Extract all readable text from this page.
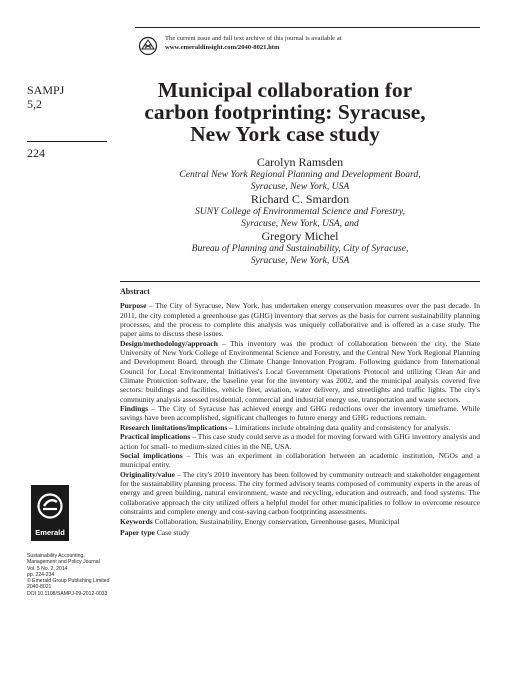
The current issue and full text archive of this journal is available at
www.emeraldinsight.com/2040-8021.htm
SAMPJ
5,2
224
Municipal collaboration for carbon footprinting: Syracuse, New York case study
Carolyn Ramsden
Central New York Regional Planning and Development Board,
Syracuse, New York, USA
Richard C. Smardon
SUNY College of Environmental Science and Forestry,
Syracuse, New York, USA, and
Gregory Michel
Bureau of Planning and Sustainability, City of Syracuse,
Syracuse, New York, USA
Abstract

Purpose – The City of Syracuse, New York, has undertaken energy conservation measures over the past decade. In 2011, the city completed a greenhouse gas (GHG) inventory that serves as the basis for current sustainability planning processes, and the process to complete this analysis was uniquely collaborative and is offered as a case study. The paper aims to discuss these issues.

Design/methodology/approach – This inventory was the product of collaboration between the city, the State University of New York College of Environmental Science and Forestry, and the Central New York Regional Planning and Development Board, through the Climate Change Innovation Program. Following guidance from International Council for Local Environmental Initiatives's Local Government Operations Protocol and utilizing Clean Air and Climate Protection software, the baseline year for the inventory was 2002, and the municipal analysis covered five sectors: buildings and facilities, vehicle fleet, aviation, water delivery, and streetlights and traffic lights. The city's community analysis assessed residential, commercial and industrial energy use, transportation and waste sectors.

Findings – The City of Syracuse has achieved energy and GHG reductions over the inventory timeframe. While savings have been accomplished, significant challenges to future energy and GHG reductions remain.

Research limitations/implications – Limitations include obtaining data quality and consistency for analysis.

Practical implications – This case study could serve as a model for moving forward with GHG inventory analysis and action for small- to medium-sized cities in the NE, USA.

Social implications – This was an experiment in collaboration between an academic institution, NGOs and a municipal entity.

Originality/value – The city's 2010 inventory has been followed by community outreach and stakeholder engagement for the sustainability planning process. The city formed advisory teams composed of community experts in the areas of energy and green building, natural environment, waste and recycling, education and outreach, and food systems. The collaborative approach the city utilized offers a helpful model for other municipalities to follow to overcome resource constraints and complete energy and cost-saving carbon footprinting assessments.

Keywords Collaboration, Sustainability, Energy conservation, Greenhouse gases, Municipal

Paper type Case study

Emerald
Sustainability Accounting,
Management and Policy Journal
Vol. 5 No. 2, 2014
pp. 224-234
© Emerald Group Publishing Limited
2040-8021
DOI 10.1108/SAMPJ-09-2012-0033
